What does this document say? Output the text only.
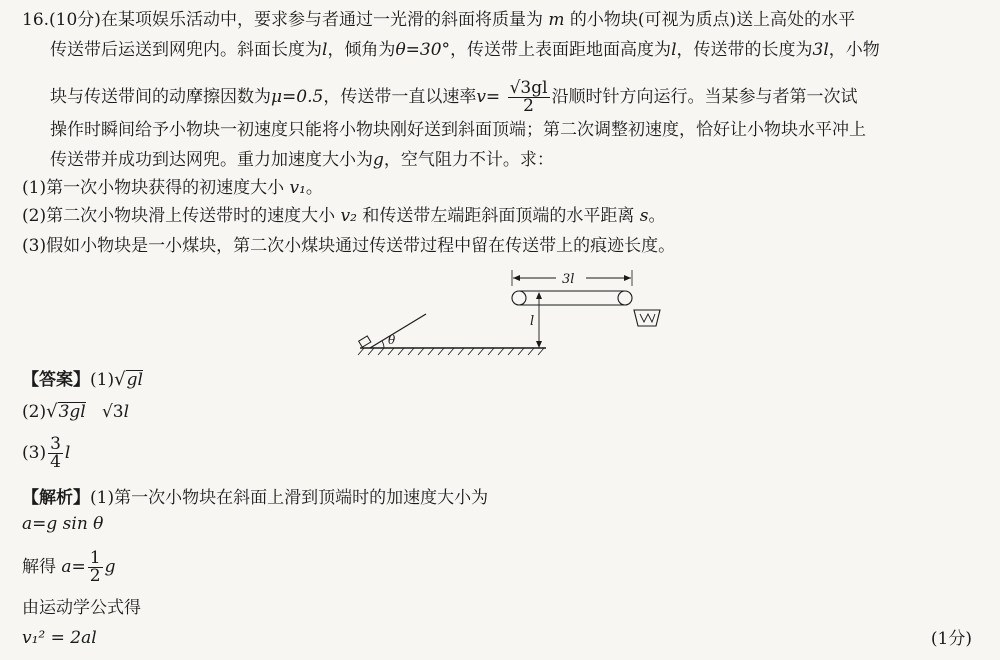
16.(10分)在某项娱乐活动中，要求参与者通过一光滑的斜面将质量为 m 的小物块(可视为质点)送上高处的水平
传送带后运送到网兜内。斜面长度为l，倾角为θ=30°，传送带上表面距地面高度为l，传送带的长度为3l，小物
块与传送带间的动摩擦因数为μ=0.5，传送带一直以速率$v= \frac{√3gl}{2}$ 沿顺时针方向运行。当某参与者第一次试
操作时瞬间给予小物块一初速度只能将小物块刚好送到斜面顶端；第二次调整初速度，恰好让小物块水平冲上
传送带并成功到达网兜。重力加速度大小为g，空气阻力不计。求：
(1)第一次小物块获得的初速度大小 v₁。
(2)第二次小物块滑上传送带时的速度大小 v₂ 和传送带左端距斜面顶端的水平距离 s。
(3)假如小物块是一小煤块，第二次小煤块通过传送带过程中留在传送带上的痕迹长度。
θ
3l
l
【答案】(1)√gl
(2)√3gl √3l
$(3) \frac{3}{4}$ l
【解析】(1)第一次小物块在斜面上滑到顶端时的加速度大小为
a=g sin θ
解得 $a= \frac{1}{2}$ g
由运动学公式得
v₁² = 2al	(1分)
